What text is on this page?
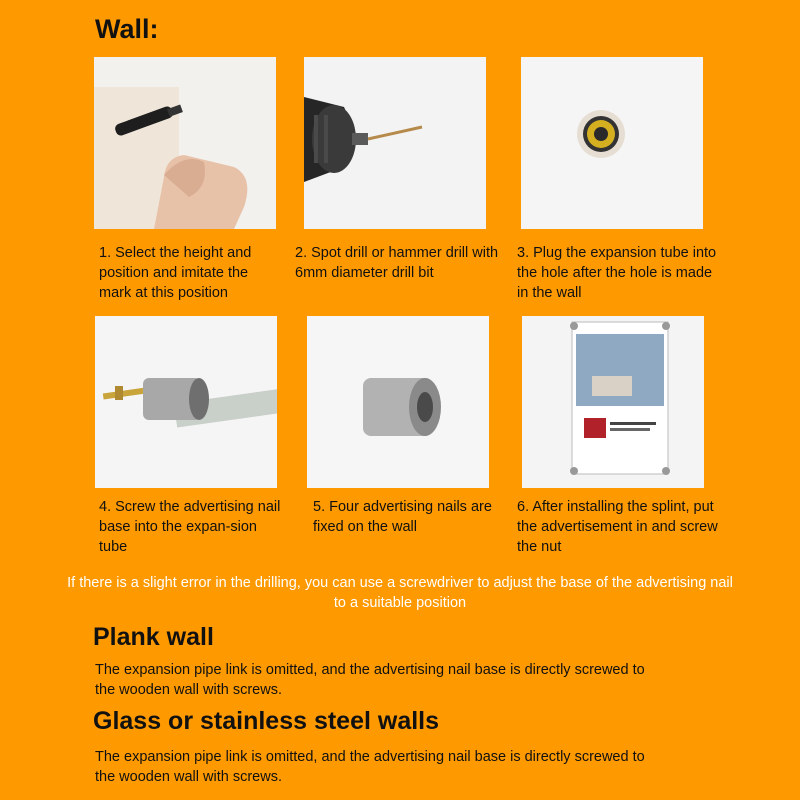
Wall:
1. Select the height and position and imitate the mark at this position
2. Spot drill or hammer drill with 6mm diameter drill bit
3. Plug the expansion tube into the hole after the hole is made in the wall
4. Screw the advertising nail base into the expan-sion tube
5. Four advertising nails are fixed on the wall
6. After installing the splint, put the advertisement in and screw the nut
If there is a slight error in the drilling, you can use a screwdriver to adjust the base of the advertising nail to a suitable position
Plank wall
The expansion pipe link is omitted, and the advertising nail base is directly screwed to the wooden wall with screws.
Glass or stainless steel walls
The expansion pipe link is omitted, and the advertising nail base is directly screwed to the wooden wall with screws.
